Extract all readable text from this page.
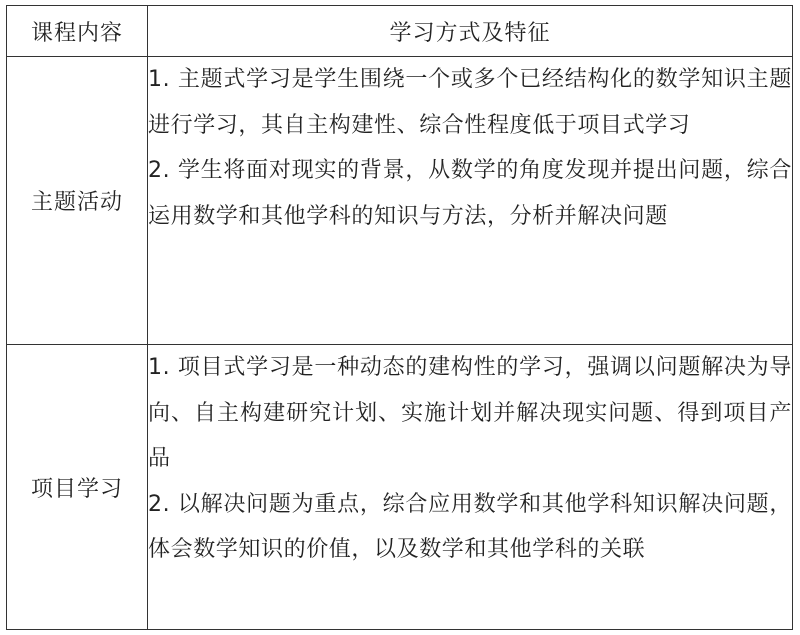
课程内容	学习方式及特征
主题活动	1. 主题式学习是学生围绕一个或多个已经结构化的数学知识主题进行学习，其自主构建性、综合性程度低于项目式学习

2. 学生将面对现实的背景，从数学的角度发现并提出问题，综合运用数学和其他学科的知识与方法，分析并解决问题

项目学习	1. 项目式学习是一种动态的建构性的学习，强调以问题解决为导向、自主构建研究计划、实施计划并解决现实问题、得到项目产品

2. 以解决问题为重点，综合应用数学和其他学科知识解决问题，体会数学知识的价值，以及数学和其他学科的关联
